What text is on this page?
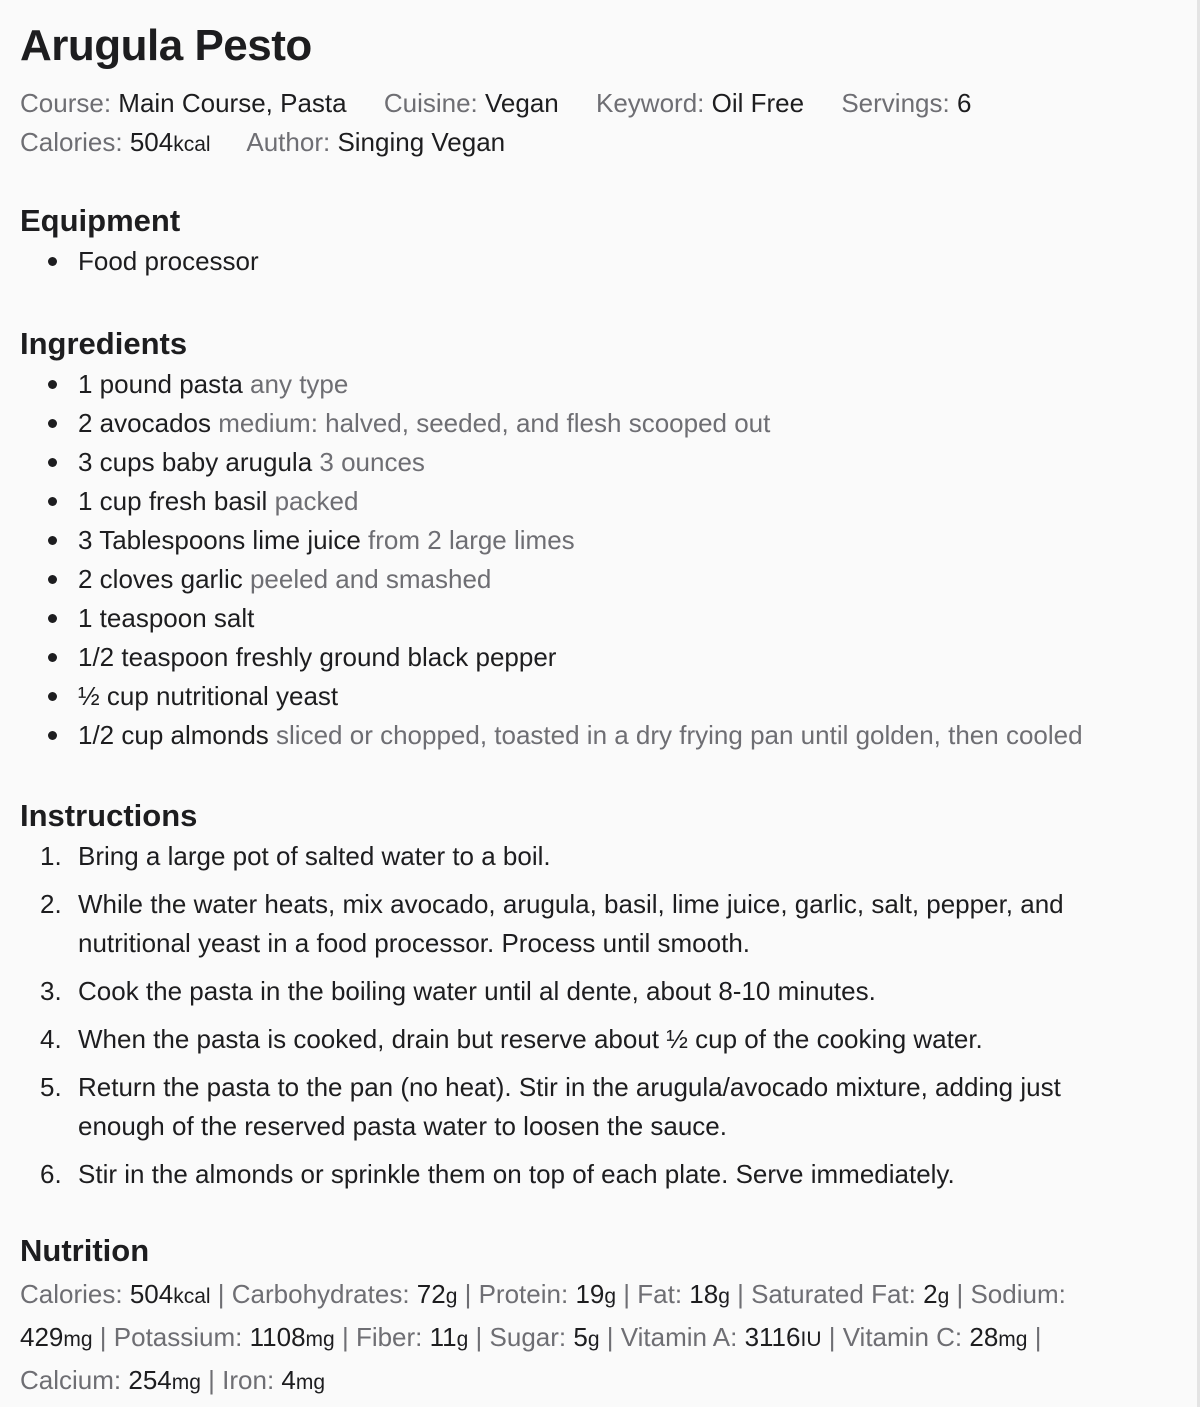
Arugula Pesto
Course: Main Course, Pasta Cuisine: Vegan Keyword: Oil Free Servings: 6
Calories: 504kcal Author: Singing Vegan
Equipment
Food processor
Ingredients
1 pound pasta any type
2 avocados medium: halved, seeded, and flesh scooped out
3 cups baby arugula 3 ounces
1 cup fresh basil packed
3 Tablespoons lime juice from 2 large limes
2 cloves garlic peeled and smashed
1 teaspoon salt
1/2 teaspoon freshly ground black pepper
½ cup nutritional yeast
1/2 cup almonds sliced or chopped, toasted in a dry frying pan until golden, then cooled
Instructions
1. Bring a large pot of salted water to a boil.
2. While the water heats, mix avocado, arugula, basil, lime juice, garlic, salt, pepper, and nutritional yeast in a food processor. Process until smooth.
3. Cook the pasta in the boiling water until al dente, about 8-10 minutes.
4. When the pasta is cooked, drain but reserve about ½ cup of the cooking water.
5. Return the pasta to the pan (no heat). Stir in the arugula/avocado mixture, adding just enough of the reserved pasta water to loosen the sauce.
6. Stir in the almonds or sprinkle them on top of each plate. Serve immediately.
Nutrition
Calories: 504kcal | Carbohydrates: 72g | Protein: 19g | Fat: 18g | Saturated Fat: 2g | Sodium: 429mg | Potassium: 1108mg | Fiber: 11g | Sugar: 5g | Vitamin A: 3116IU | Vitamin C: 28mg | Calcium: 254mg | Iron: 4mg
